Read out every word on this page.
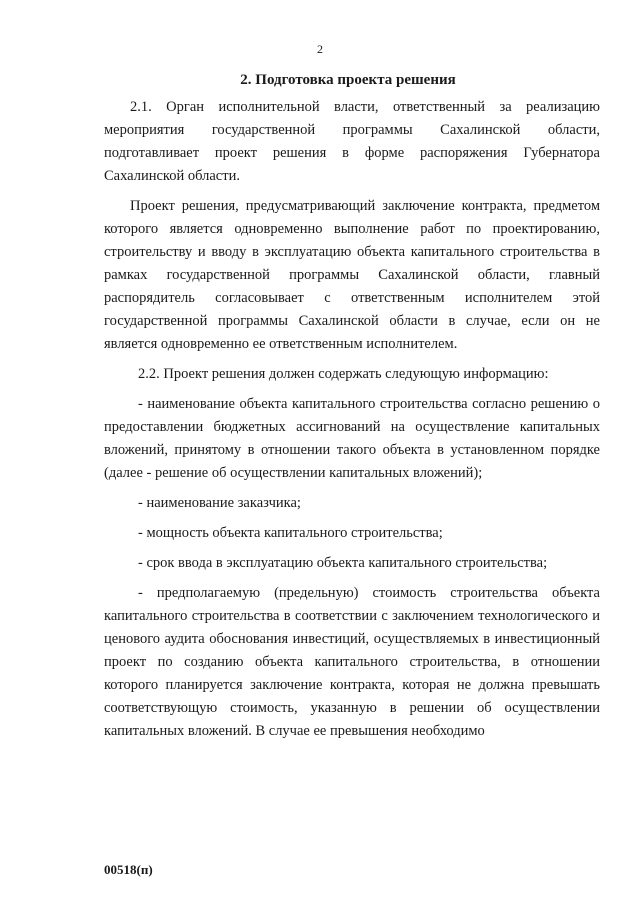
2
2. Подготовка проекта решения

2.1. Орган исполнительной власти, ответственный за реализацию мероприятия государственной программы Сахалинской области, подготавливает проект решения в форме распоряжения Губернатора Сахалинской области.

Проект решения, предусматривающий заключение контракта, предметом которого является одновременно выполнение работ по проектированию, строительству и вводу в эксплуатацию объекта капитального строительства в рамках государственной программы Сахалинской области, главный распорядитель согласовывает с ответственным исполнителем этой государственной программы Сахалинской области в случае, если он не является одновременно ее ответственным исполнителем.

2.2. Проект решения должен содержать следующую информацию:

- наименование объекта капитального строительства согласно решению о предоставлении бюджетных ассигнований на осуществление капитальных вложений, принятому в отношении такого объекта в установленном порядке (далее - решение об осуществлении капитальных вложений);

- наименование заказчика;

- мощность объекта капитального строительства;

- срок ввода в эксплуатацию объекта капитального строительства;

- предполагаемую (предельную) стоимость строительства объекта капитального строительства в соответствии с заключением технологического и ценового аудита обоснования инвестиций, осуществляемых в инвестиционный проект по созданию объекта капитального строительства, в отношении которого планируется заключение контракта, которая не должна превышать соответствующую стоимость, указанную в решении об осуществлении капитальных вложений. В случае ее превышения необходимо

00518(п)
